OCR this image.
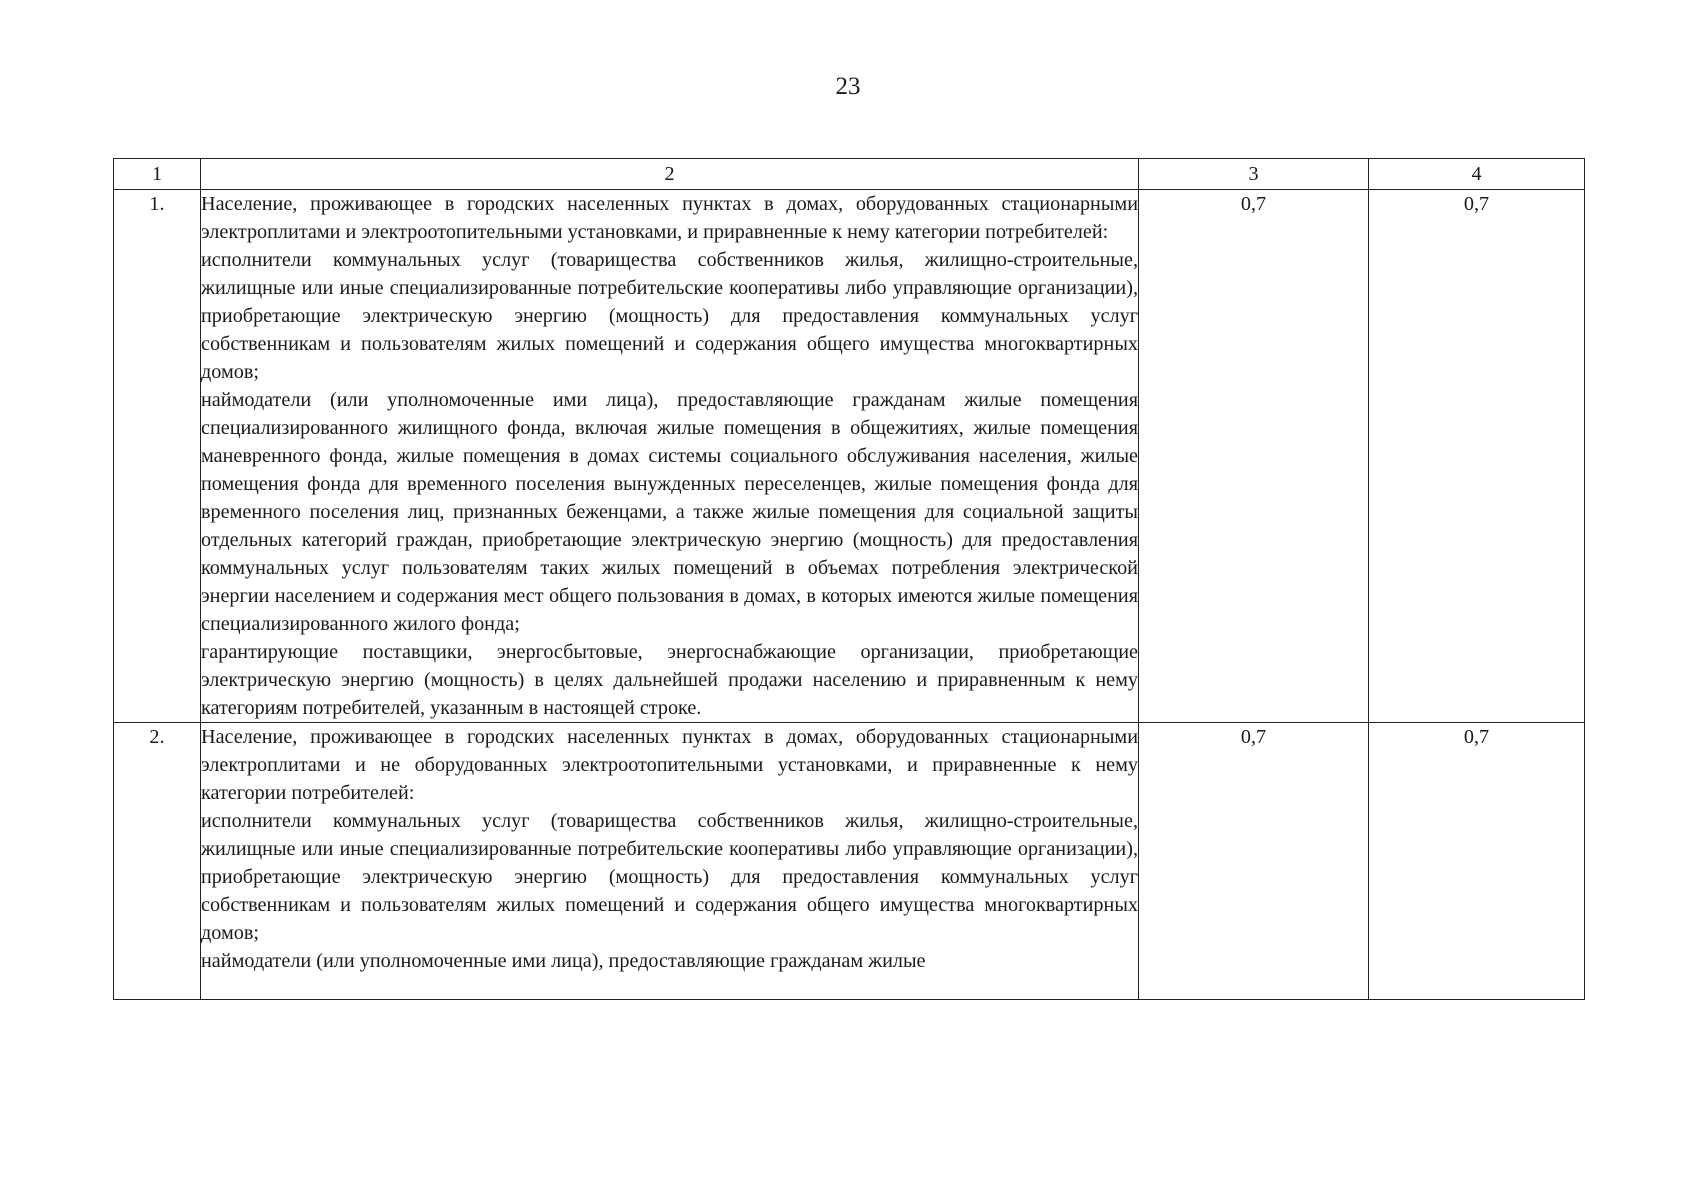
23
1	2	3	4
1.	Население, проживающее в городских населенных пунктах в домах, оборудованных стационарными электроплитами и электроотопительными установками, и приравненные к нему категории потребителей:

исполнители коммунальных услуг (товарищества собственников жилья, жилищно-строительные, жилищные или иные специализированные потребительские кооперативы либо управляющие организации), приобретающие электрическую энергию (мощность) для предоставления коммунальных услуг собственникам и пользователям жилых помещений и содержания общего имущества многоквартирных домов;

наймодатели (или уполномоченные ими лица), предоставляющие гражданам жилые помещения специализированного жилищного фонда, включая жилые помещения в общежитиях, жилые помещения маневренного фонда, жилые помещения в домах системы социального обслуживания населения, жилые помещения фонда для временного поселения вынужденных переселенцев, жилые помещения фонда для временного поселения лиц, признанных беженцами, а также жилые помещения для социальной защиты отдельных категорий граждан, приобретающие электрическую энергию (мощность) для предоставления коммунальных услуг пользователям таких жилых помещений в объемах потребления электрической энергии населением и содержания мест общего пользования в домах, в которых имеются жилые помещения специализированного жилого фонда;

гарантирующие поставщики, энергосбытовые, энергоснабжающие организации, приобретающие электрическую энергию (мощность) в целях дальнейшей продажи населению и приравненным к нему категориям потребителей, указанным в настоящей строке.	0,7	0,7
2.	Население, проживающее в городских населенных пунктах в домах, оборудованных стационарными электроплитами и не оборудованных электроотопительными установками, и приравненные к нему категории потребителей:

исполнители коммунальных услуг (товарищества собственников жилья, жилищно-строительные, жилищные или иные специализированные потребительские кооперативы либо управляющие организации), приобретающие электрическую энергию (мощность) для предоставления коммунальных услуг собственникам и пользователям жилых помещений и содержания общего имущества многоквартирных домов;

наймодатели (или уполномоченные ими лица), предоставляющие гражданам жилые	0,7	0,7
